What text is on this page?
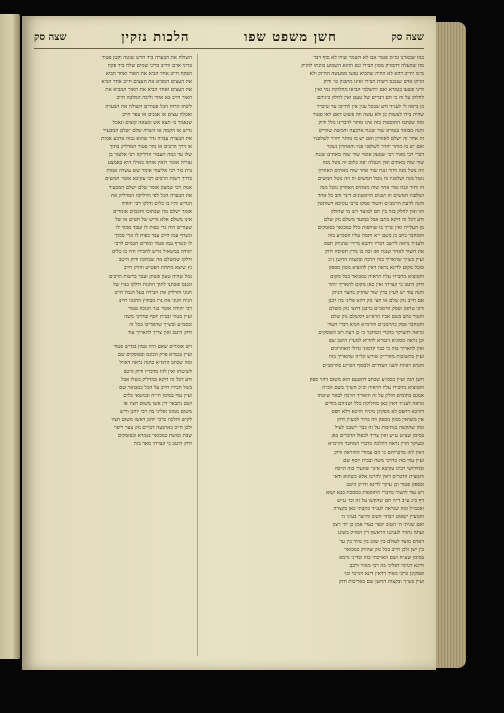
שצה סק
חשן משפט שפו
הלכות נזקין
שצה סק
כמו שבארנו ומ״מ פטור אם לא השמר שוויו לא סוף דבר
מה שהעלה דהמזיק ממון חבירו וגם ההוא השמוע כוונתו להזיק
מ״מ יחייב דהא לא החיה שהביא נפשו ממעשה ההיזק ולא
הזיקו אדם שנכנס רשות חבירו ואינו מתכוון כו׳ ודוק
ודיני פשעו בגמרא ואם ירושלמי הביאו מחלוקת נמי ואין
לחלוק על זה כי הם דברים של טעם ואין לחלק ביניהם
כן נראה לי לענ״ד ודע שבכל ענין אין לחייבו עד שיברר
שהיה בידו לעשות כן ולא עשה וזה פשוט דאם לאו פטור
ומה שכתבו התוספות בזה אינו סותר לדברינו כלל ודוק
והנה מבואר בגמרא שור שנגח ארבעה וחמשה שוורים
זה אחר זה ישלם לאחרון ואם יש בו מותר יחזיר לשלפניו
ואם יש בו מותר יחזיר לשלפני פניו והאחרון נשכר
דברי רבי מאיר רבי שמעון אומר שור שוה מאתים שנגח
שור שוה מאתים ואין הנבלה יפה כלום זה נוטל מנה
וזה נוטל מנה וחזר ונגח שור אחר שוה מאתים האחרון
נוטל מנה ושלפניו זה נוטל חמשים זוז וזה נוטל חמשים
זוז וחזר ונגח שור אחר שוה מאתים האחרון נוטל מנה
ושלפניו חמשים זוז ושנים הראשונים דינר זהב כל אחד
והנה לדעת הרמב״ם והטור פסקו כרבי עקיבא דשותפין
הוו ואין לחלק בזה בין תם למועד ויש מי שחולק
ודע דכל זה דוקא בתם אבל במועד משלם נזק שלם
מן העלייה ואין שייך בו שותפות כלל כמבואר בפוסקים
והמחבר כתב כן בשם י״א ותמה עליו הסמ״ע בזה
ולענ״ד נראה ליישב דבריו דהכא מיירי שהניזק תפס
את השור לאחר שנגח ואז זכה בו מדין תפיסה ודוק
ועיין בש״ך שהאריך בזה הרבה ובקצות החשן ג״כ
ומכל מקום לדינא נראה דאין להוציא ממון מספק
והמוציא מחבירו עליו הראיה כמבואר בכל מקום
ודוק היטב כי קצרתי ואין כאן מקום להאריך יותר
והנה עוד יש לעיין בדין שור שהזיק בחצר הניזק
אם חייב נזק שלם או חצי נזק דהא פליגי בה רבנן
ורבי טרפון ופסק הרמב״ם כרבנן דחצי נזק משלם
והטור כתב בשם אביו הרא״ש דמשלם נזק שלם
והמחבר פסק כהרמב״ם והרמ״א הביא דברי הטור
ונראה דהעיקר כדברי המחבר כי כן דעת רוב הפוסקים
וכן נראה מסוגיא דגמרא להדיא למעיין היטב שם
ואין להאריך בזה כי כבר קדמוני גדולי האחרונים
ועיין בתשובות מהרי״ק שורש קל״ה שהאריך בזה
והביא ראיות לשני הצדדים ולבסוף הכריע כהרמב״ם
חשן הגה ועיין בסמ״ע שכתב דהטעם הוא משום דהוי ספק
והמוציא מחבירו עליו הראיה וכ״כ הש״ך בשם הב״ח
אמנם בתומים חולק על זה והאריך הרבה לבאר שיטתו
ונראה לענ״ד דאין כאן מחלוקת כלל ושניהם מודים
דהיכא דתפס לא מפקינן מיניה והיכא דלא תפס
אין מוציאין ממון מספק וזה ברור למעיין ודוק
ומה שהקשה בנתיבות על זה כבר יישבנו לעיל
בסימן שצ״ט ע״ש ואין צריך לכפול הדברים כאן
ובעיקר הדין נראה דהלכה כדברי המחבר והרמ״א
דאין לזוז מדבריהם כי הם עמודי ההוראה ודוק
ועיין עוד בזה בדרכי משה ובבית יוסף שם
ובחידושי רבינו עקיבא איגר שהעיר בזה הרבה
ותמצית הדברים דאין לחייבו אלא כשהוא ודאי
ובספק פטור וכן עיקר לדינא ודו״ק היטב
ויש עוד להעיר מדברי התוספות במסכת בבא קמא
דף כ״ג ע״ב ד״ה תם שהקשו על זה וכו׳ ע״ש
ואכמ״ל ומה שנראה לענ״ד כתבתי כאן בקצרה
והמעיין ישפוט ויבחר הטוב והישר בעיני ה׳
ואם שגיתי ה׳ הטוב יכפר בעדי אמן כן יהי רצון
ועתה נחזור לעניננו הראשון דין המזיק בשוגג
דאדם מועד לעולם בין שוגג בין מזיד בין ער
בין ישן ולכן חייב בכל נזק שהזיק כמבואר
בסימן שע״ח ושם הארכתי בזה ובדיני גרמא
ודינא דגרמי דפליגי בה רבי מאיר ורבנן
ופסקינן כרבי מאיר דדאין דינא דגרמי וכו׳
ועיין בש״ך ובקצות החשן שם באריכות ודוק
השולח את הבערה ביד חרש שוטה וקטן פטור
בדיני אדם וחייב בדיני שמים שלח ביד פקח
הפקח חייב אחד הביא את האור ואחד הביא
את העצים המביא את העצים חייב אחד הביא
את העצים ואחד הביא את האור המביא את
האור חייב בא אחר וליבה המלבה חייב
ליבתו הרוח הכל פטורים השולח את הבערה
ואכלה עצים או אבנים או עפר חייב
שנאמר כי תצא אש ומצאה קוצים ונאכל
גדיש או הקמה או השדה שלם ישלם המבעיר
את הבערה עברה גדר שהוא גבוה ארבע אמות
או דרך הרבים או נהר פטור המדליק בתוך
שלו עד כמה תעבור הדליקה רבי אלעזר בן
עזריה אומר רואין אותה כאילו היא באמצע
בית כור רבי אליעזר אומר שש עשרה אמות
כדרך רשות הרבים רבי עקיבא אומר חמשים
אמה רבי שמעון אומר שלם ישלם המבעיר
את הבערה הכל לפי הדליקה המדליק את
הגדיש והיו בו כלים ודלקו רבי יהודה
אומר ישלם מה שבתוכו וחכמים אומרים
אינו משלם אלא גדיש של חטים או של
שעורים היה גדי כפות לו ועבד סמוך לו
ונשרף עמו חייב עבד כפות לו וגדי סמוך
לו ונשרף עמו פטור ומודים חכמים לרבי
יהודה במשאיל גדיש לחבירו והיו בו כלים
ודלקו שמשלם מה שבתוכו ודוק היטב
גץ שיצא מתחת הפטיש והזיק חייב
גמל שהיה טעון פשתן ועבר ברשות הרבים
ונכנס פשתנו לתוך החנות ודלקו בנרו של
חנוני והדליק את הבירה בעל הגמל חייב
הניח חנוני את נרו מבחוץ החנוני חייב
רבי יהודה אומר בנר חנוכה פטור
ועיין בטור ובבית יוסף ובדרכי משה
ובסמ״ע ובש״ך שהאריכו בכל זה
ודוק היטב ואין צריך להאריך עוד
ויש אומרים שאם היה טמון בגדיש פטור
ועיין בגמרא פרק הכונס ובפוסקים שם
ומה שכתב הרמ״א בהגה נראה דאזיל
לשיטתו ואין לזוז מדבריו ודוק היטב
ודע דכל זה דוקא במדליק בשלו אבל
בשל חבירו חייב על הכל כמבואר שם
ועיין עוד בסימן תי״ח ובנושאי כלים
ושם נתבאר דין אשו משום חציו או
משום ממונו ופליגי בה רבי יוחנן וריש
לקיש והלכה כרבי יוחנן דאשו משום חציו
ולכן חייב בארבעה דברים נזק צער ריפוי
שבת ובושת כמבואר בגמרא ובפוסקים
ודוק היטב כי קצרתי מאד בזה
